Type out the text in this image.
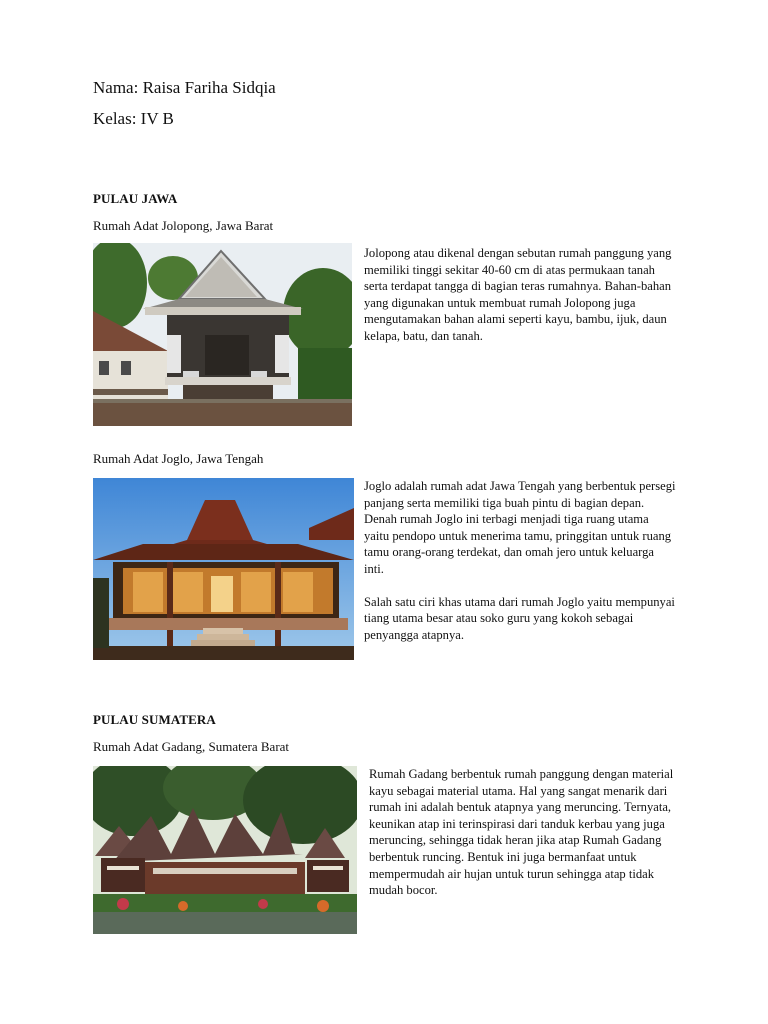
Nama: Raisa Fariha Sidqia
Kelas: IV B
PULAU JAWA
Rumah Adat Jolopong, Jawa Barat

Jolopong atau dikenal dengan sebutan rumah panggung yang memiliki tinggi sekitar 40-60 cm di atas permukaan tanah serta terdapat tangga di bagian teras rumahnya. Bahan-bahan yang digunakan untuk membuat rumah Jolopong juga mengutamakan bahan alami seperti kayu, bambu, ijuk, daun kelapa, batu, dan tanah.

Rumah Adat Joglo, Jawa Tengah

Joglo adalah rumah adat Jawa Tengah yang berbentuk persegi panjang serta memiliki tiga buah pintu di bagian depan. Denah rumah Joglo ini terbagi menjadi tiga ruang utama yaitu pendopo untuk menerima tamu, pringgitan untuk ruang tamu orang-orang terdekat, dan omah jero untuk keluarga inti.

Salah satu ciri khas utama dari rumah Joglo yaitu mempunyai tiang utama besar atau soko guru yang kokoh sebagai penyangga atapnya.

PULAU SUMATERA
Rumah Adat Gadang, Sumatera Barat

Rumah Gadang berbentuk rumah panggung dengan material kayu sebagai material utama. Hal yang sangat menarik dari rumah ini adalah bentuk atapnya yang meruncing. Ternyata, keunikan atap ini terinspirasi dari tanduk kerbau yang juga meruncing, sehingga tidak heran jika atap Rumah Gadang berbentuk runcing. Bentuk ini juga bermanfaat untuk mempermudah air hujan untuk turun sehingga atap tidak mudah bocor.
